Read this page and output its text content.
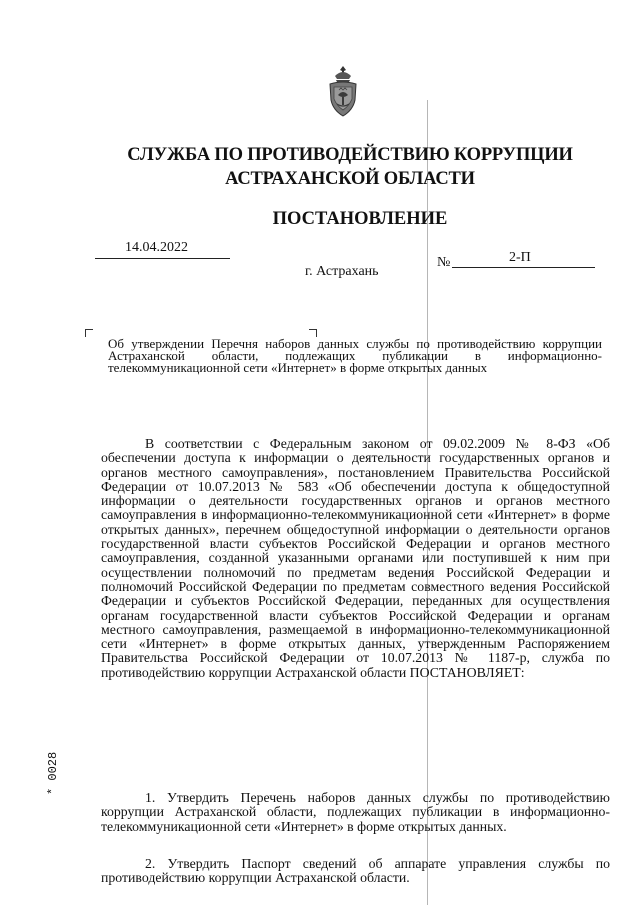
СЛУЖБА ПО ПРОТИВОДЕЙСТВИЮ КОРРУПЦИИ
АСТРАХАНСКОЙ ОБЛАСТИ
ПОСТАНОВЛЕНИЕ
14.04.2022
№	2-П
г. Астрахань
Об утверждении Перечня наборов данных службы по противодействию коррупции Астраханской области, подлежащих публикации в информационно-телекоммуникационной сети «Интернет» в форме открытых данных

В соответствии с Федеральным законом от 09.02.2009 № 8-ФЗ «Об обеспечении доступа к информации о деятельности государственных органов и органов местного самоуправления», постановлением Правительства Российской Федерации от 10.07.2013 № 583 «Об обеспечении доступа к общедоступной информации о деятельности государственных органов и органов местного самоуправления в информационно-телекоммуникационной сети «Интернет» в форме открытых данных», перечнем общедоступной информации о деятельности органов государственной власти субъектов Российской Федерации и органов местного самоуправления, созданной указанными органами или поступившей к ним при осуществлении полномочий по предметам ведения Российской Федерации и полномочий Российской Федерации по предметам совместного ведения Российской Федерации и субъектов Российской Федерации, переданных для осуществления органам государственной власти субъектов Российской Федерации и органам местного самоуправления, размещаемой в информационно-телекоммуникационной сети «Интернет» в форме открытых данных, утвержденным Распоряжением Правительства Российской Федерации от 10.07.2013 № 1187-р, служба по противодействию коррупции Астраханской области ПОСТАНОВЛЯЕТ:

1. Утвердить Перечень наборов данных службы по противодействию коррупции Астраханской области, подлежащих публикации в информационно-телекоммуникационной сети «Интернет» в форме открытых данных.

2. Утвердить Паспорт сведений об аппарате управления службы по противодействию коррупции Астраханской области.

* 0028
